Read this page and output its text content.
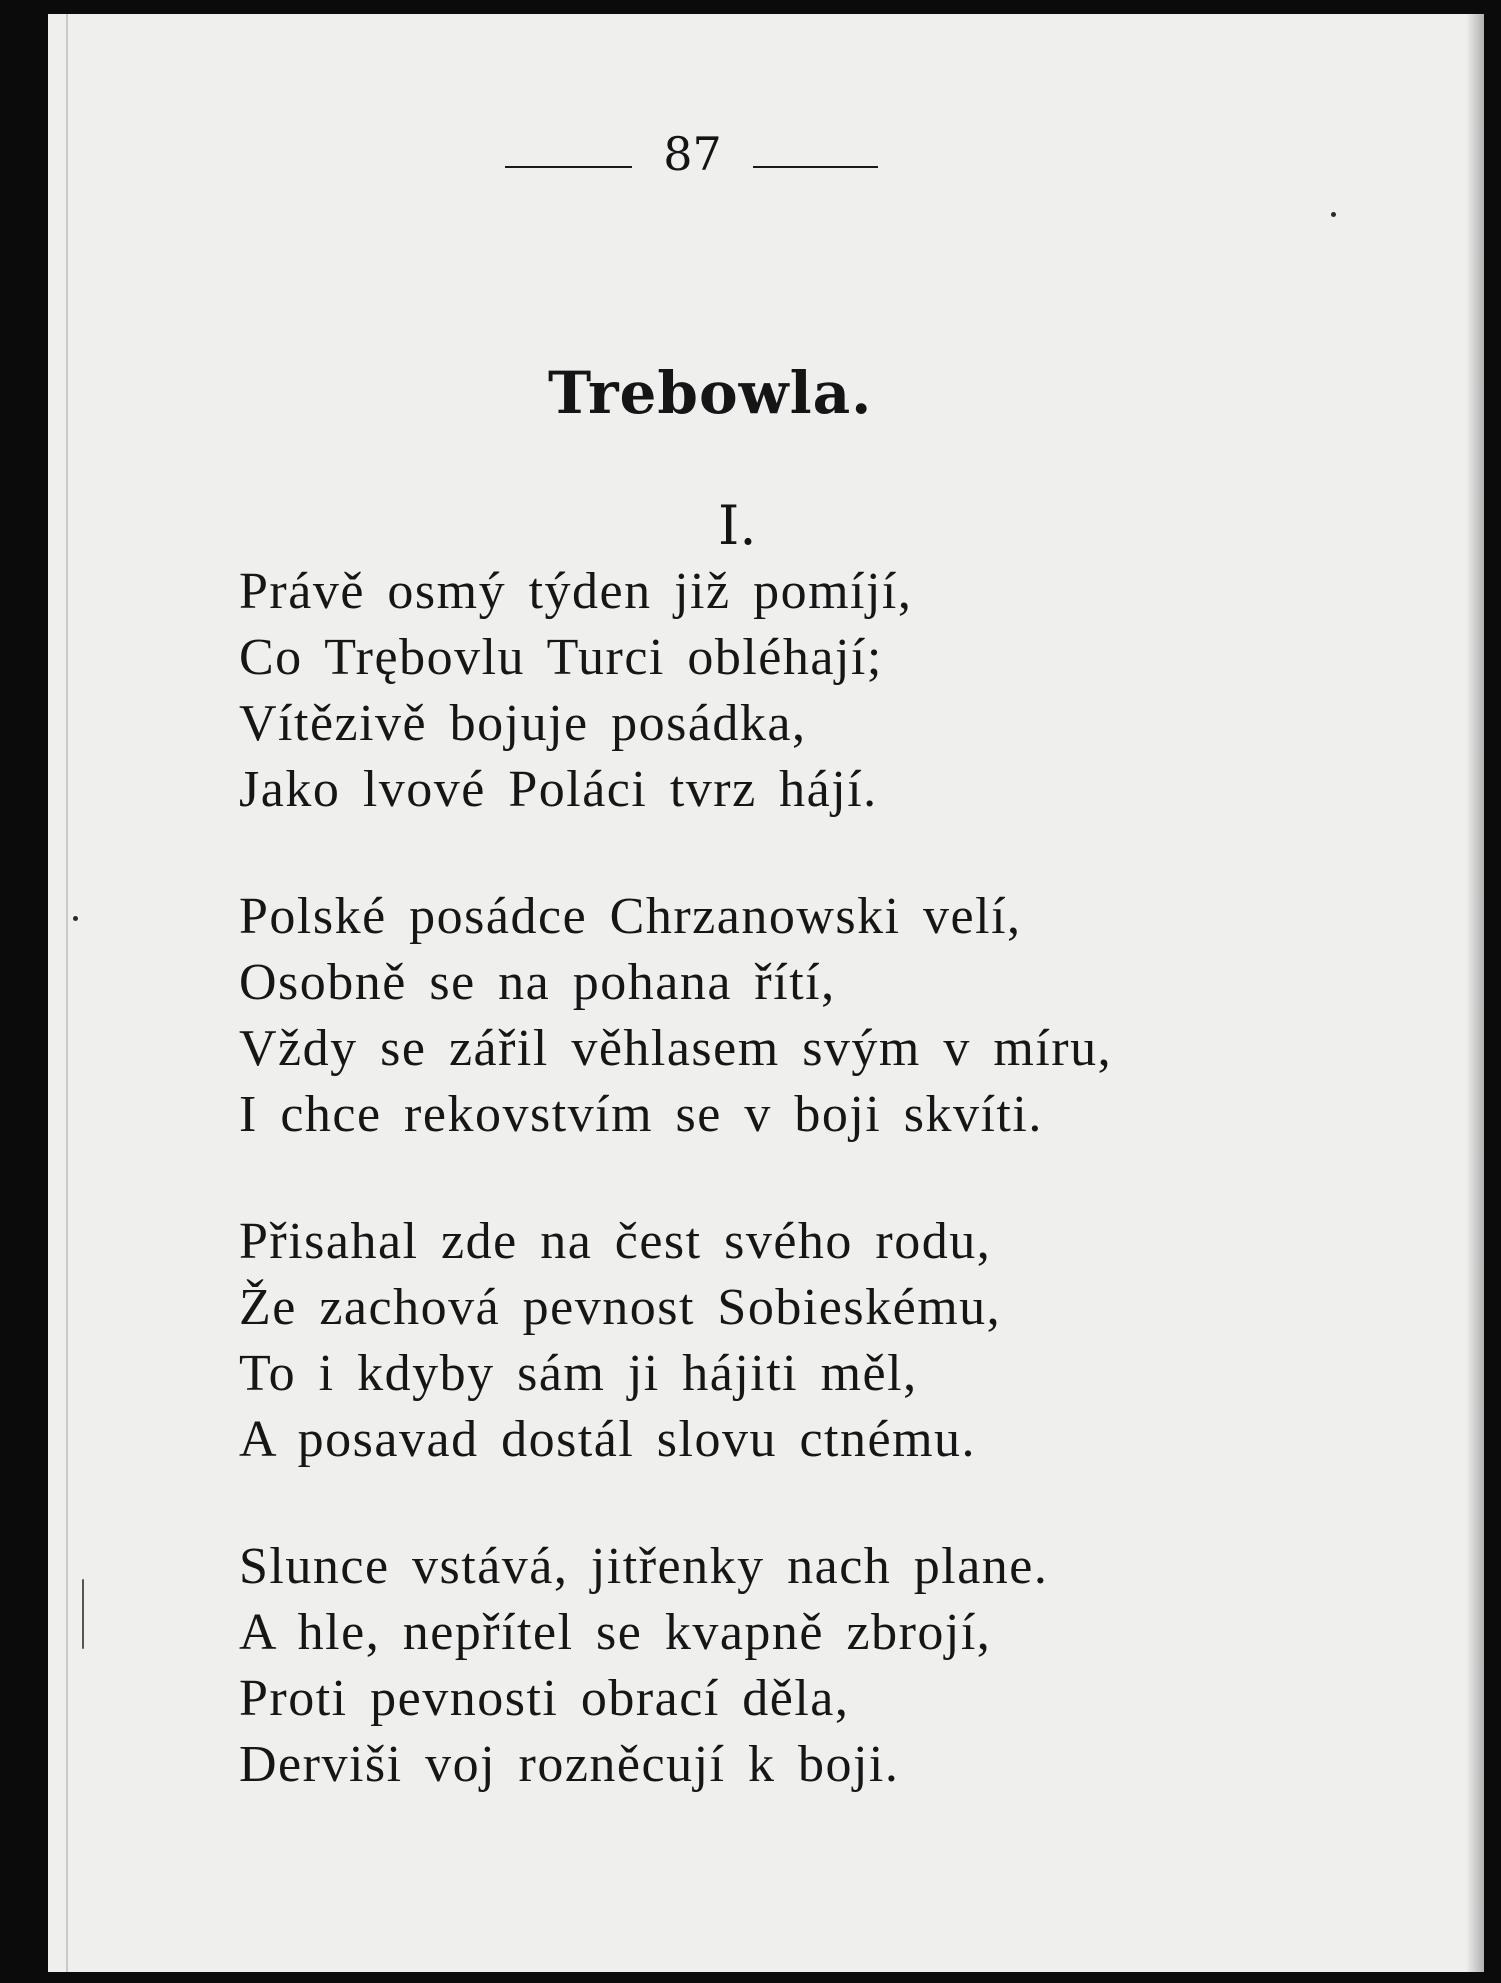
87
Trebowla.
I.
Právě osmý týden již pomíjí,
Co Trębovlu Turci obléhají;
Vítězivě bojuje posádka,
Jako lvové Poláci tvrz hájí.
Polské posádce Chrzanowski velí,
Osobně se na pohana řítí,
Vždy se zářil věhlasem svým v míru,
I chce rekovstvím se v boji skvíti.
Přisahal zde na čest svého rodu,
Že zachová pevnost Sobieskému,
To i kdyby sám ji hájiti měl,
A posavad dostál slovu ctnému.
Slunce vstává, jitřenky nach plane.
A hle, nepřítel se kvapně zbrojí,
Proti pevnosti obrací děla,
Derviši voj rozněcují k boji.
